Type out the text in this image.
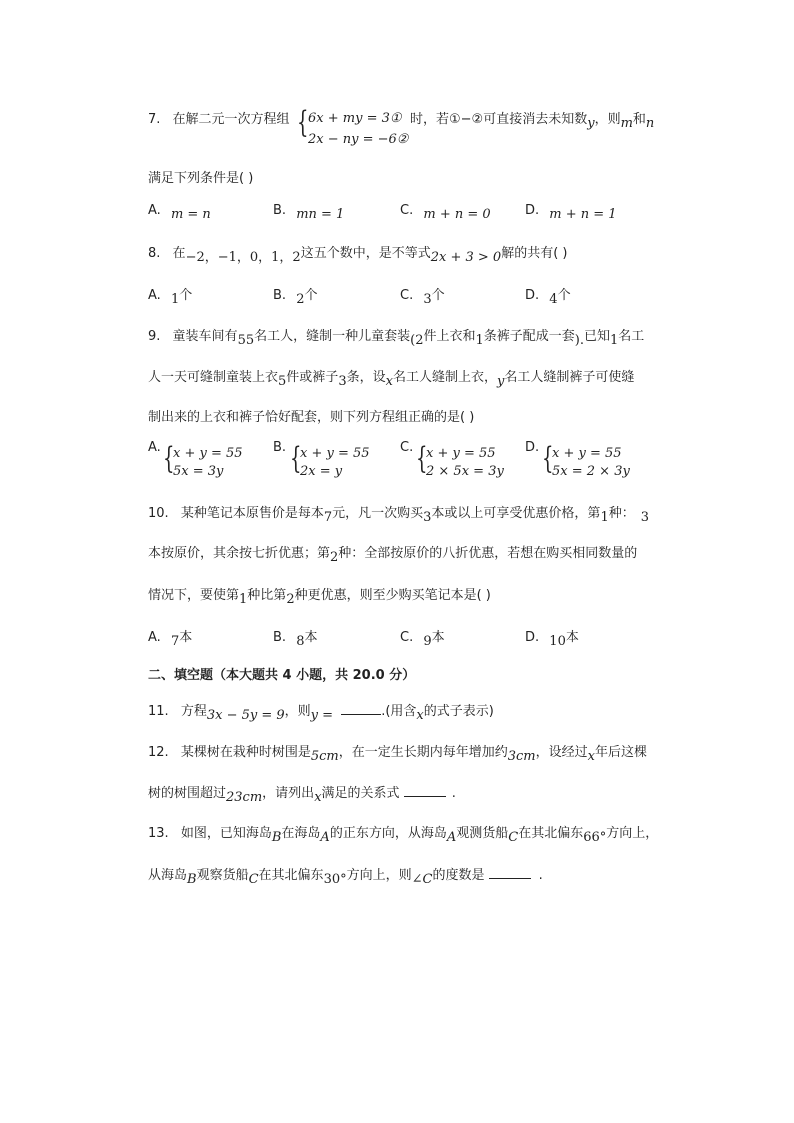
7. 在解二元一次方程组 { 6x + my = 3①
2x − ny = −6②
时，若①−②可直接消去未知数y，则m和n
满足下列条件是( )
A. m = n	B. mn = 1	C. m + n = 0	D. m + n = 1
8. 在−2，−1，0，1，2这五个数中，是不等式2x + 3 > 0解的共有( )
A. 1个	B. 2个	C. 3个	D. 4个
9. 童装车间有55名工人，缝制一种儿童套装(2件上衣和1条裤子配成一套).已知1名工
人一天可缝制童装上衣5件或裤子3条，设x名工人缝制上衣，y名工人缝制裤子可使缝
制出来的上衣和裤子恰好配套，则下列方程组正确的是( )
A. {
x + y = 55
5x = 3y
B. {
x + y = 55
2x = y
C. {
x + y = 55
2 × 5x = 3y
D. {
x + y = 55
5x = 2 × 3y
10. 某种笔记本原售价是每本7元，凡一次购买3本或以上可享受优惠价格，第1种： 3
本按原价，其余按七折优惠；第2种：全部按原价的八折优惠，若想在购买相同数量的
情况下，要使第1种比第2种更优惠，则至少购买笔记本是( )
A. 7本	B. 8本	C. 9本	D. 10本
二、填空题（本大题共 4 小题，共 20.0 分）
11. 方程3x − 5y = 9，则y =	.(用含x的式子表示)
12. 某棵树在栽种时树围是5cm，在一定生长期内每年增加约3cm，设经过x年后这棵
树的树围超过23cm，请列出x满足的关系式	.
13. 如图，已知海岛B在海岛A的正东方向，从海岛A观测货船C在其北偏东66°方向上，
从海岛B观察货船C在其北偏东30°方向上，则∠C的度数是	.
